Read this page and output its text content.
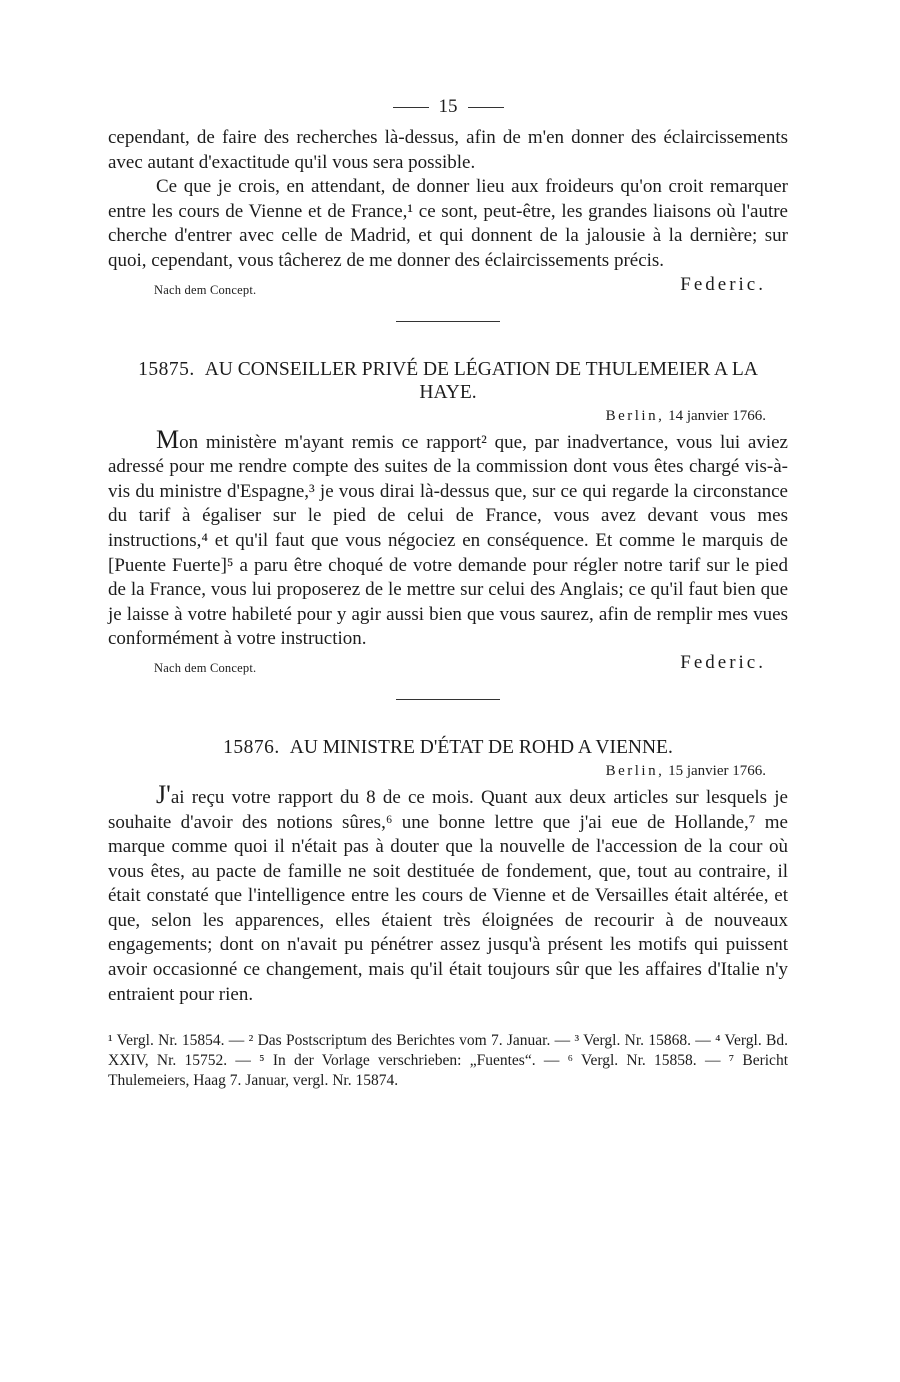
15

cependant, de faire des recherches là-dessus, afin de m'en donner des éclaircissements avec autant d'exactitude qu'il vous sera possible.

Ce que je crois, en attendant, de donner lieu aux froideurs qu'on croit remarquer entre les cours de Vienne et de France,¹ ce sont, peut-être, les grandes liaisons où l'autre cherche d'entrer avec celle de Madrid, et qui donnent de la jalousie à la dernière; sur quoi, cependant, vous tâcherez de me donner des éclaircissements précis.

Nach dem Concept.	Federic.
15875. AU CONSEILLER PRIVÉ DE LÉGATION DE THULEMEIER A LA HAYE.
Berlin, 14 janvier 1766.

Mon ministère m'ayant remis ce rapport² que, par inadvertance, vous lui aviez adressé pour me rendre compte des suites de la commission dont vous êtes chargé vis-à-vis du ministre d'Espagne,³ je vous dirai là-dessus que, sur ce qui regarde la circonstance du tarif à égaliser sur le pied de celui de France, vous avez devant vous mes instructions,⁴ et qu'il faut que vous négociez en conséquence. Et comme le marquis de [Puente Fuerte]⁵ a paru être choqué de votre demande pour régler notre tarif sur le pied de la France, vous lui proposerez de le mettre sur celui des Anglais; ce qu'il faut bien que je laisse à votre habileté pour y agir aussi bien que vous saurez, afin de remplir mes vues conformément à votre instruction.

Nach dem Concept.	Federic.
15876. AU MINISTRE D'ÉTAT DE ROHD A VIENNE.
Berlin, 15 janvier 1766.

J'ai reçu votre rapport du 8 de ce mois. Quant aux deux articles sur lesquels je souhaite d'avoir des notions sûres,⁶ une bonne lettre que j'ai eue de Hollande,⁷ me marque comme quoi il n'était pas à douter que la nouvelle de l'accession de la cour où vous êtes, au pacte de famille ne soit destituée de fondement, que, tout au contraire, il était constaté que l'intelligence entre les cours de Vienne et de Versailles était altérée, et que, selon les apparences, elles étaient très éloignées de recourir à de nouveaux engagements; dont on n'avait pu pénétrer assez jusqu'à présent les motifs qui puissent avoir occasionné ce changement, mais qu'il était toujours sûr que les affaires d'Italie n'y entraient pour rien.

¹ Vergl. Nr. 15854. — ² Das Postscriptum des Berichtes vom 7. Januar. — ³ Vergl. Nr. 15868. — ⁴ Vergl. Bd. XXIV, Nr. 15752. — ⁵ In der Vorlage verschrieben: „Fuentes“. — ⁶ Vergl. Nr. 15858. — ⁷ Bericht Thulemeiers, Haag 7. Januar, vergl. Nr. 15874.
